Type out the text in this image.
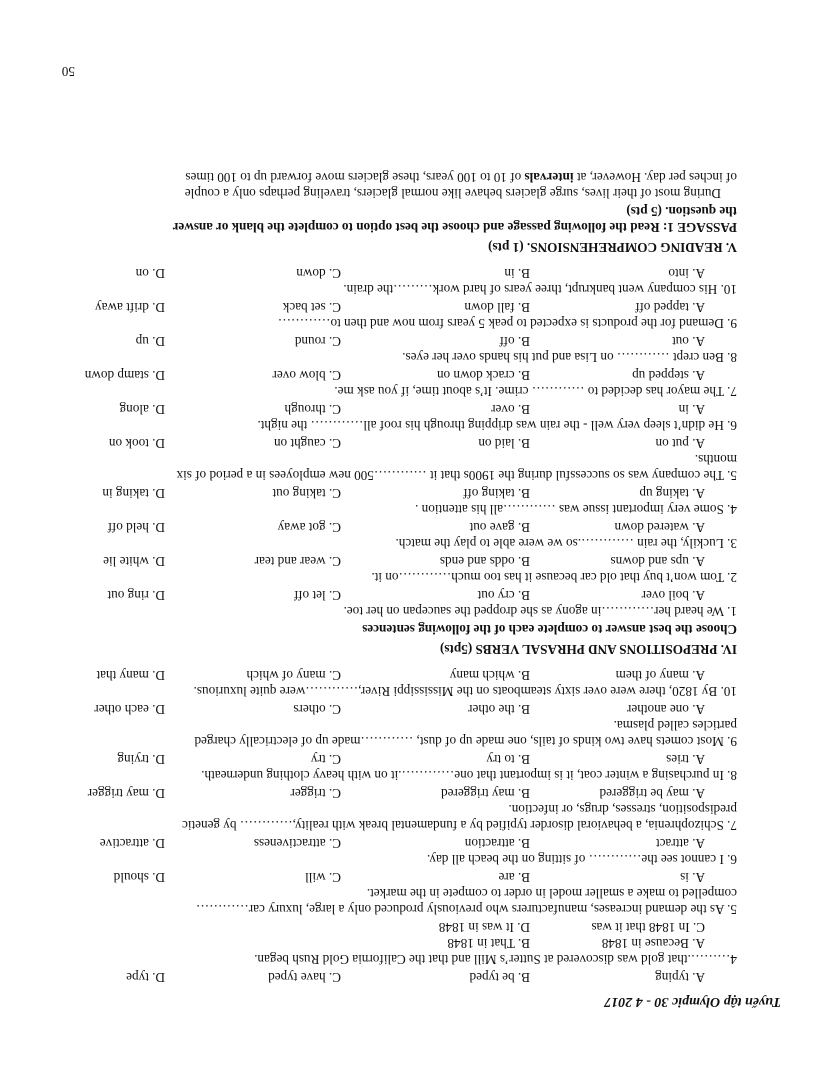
Tuyển tập Olympic 30 - 4 2017
A. typing
B. be typed
C. have typed
D. type
4……….that gold was discovered at Sutter’s Mill and that the California Gold Rush began.
A. Because in 1848
B. That in 1848
C. In 1848 that it was
D. It was in 1848
5. As the demand increases, manufacturers who previously produced only a large, luxury car…………
compelled to make a smaller model in order to compete in the market.
A. is
B. are
C. will
D. should
6. I cannot see the………… of sitting on the beach all day.
A. attract
B. attraction
C. attractiveness
D. attractive
7. Schizophrenia, a behavioral disorder typified by a fundamental break with reality,………… by genetic
predisposition, stresses, drugs, or infection.
A. may be triggered
B. may triggered
C. trigger
D. may trigger
8. In purchasing a winter coat, it is important that one………….it on with heavy clothing underneath.
A. tries
B. to try
C. try
D. trying
9. Most comets have two kinds of tails, one made up of dust, …………made up of electrically charged
particles called plasma.
A. one another
B. the other
C. others
D. each other
10. By 1820, there were over sixty steamboats on the Mississippi River,…………were quite luxurious.
A. many of them
B. which many
C. many of which
D. many that
IV. PREPOSITIONS AND PHRASAL VERBS (5pts)
Choose the best answer to complete each of the following sentences
1. We heard her…………in agony as she dropped the saucepan on her toe.
A. boil over
B. cry out
C. let off
D. ring out
2. Tom won’t buy that old car because it has too much…………on it.
A. ups and downs
B. odds and ends
C. wear and tear
D. white lie
3. Luckily, the rain ………….so we were able to play the match.
A. watered down
B. gave out
C. got away
D. held off
4. Some very important issue was …………all his attention .
A. taking up
B. taking off
C. taking out
D. taking in
5. The company was so successful during the 1900s that it …………500 new employees in a period of six
months.
A. put on
B. laid on
C. caught on
D. took on
6. He didn’t sleep very well - the rain was dripping through his roof all………… the night.
A. in
B. over
C. through
D. along
7. The mayor has decided to ………… crime. It’s about time, if you ask me.
A. stepped up
B. crack down on
C. blow over
D. stamp down
8. Ben crept ………… on Lisa and put his hands over her eyes.
A. out
B. off
C. round
D. up
9. Demand for the products is expected to peak 5 years from now and then to…………
A. tapped off
B. fall down
C. set back
D. drift away
10. His company went bankrupt, three years of hard work………the drain.
A. into
B. in
C. down
D. on
V. READING COMPREHENSIONS. (1 pts)
PASSAGE 1: Read the following passage and choose the best option to complete the blank or answer
the question. (5 pts)
During most of their lives, surge glaciers behave like normal glaciers, traveling perhaps only a couple
of inches per day. However, at intervals of 10 to 100 years, these glaciers move forward up to 100 times
50
